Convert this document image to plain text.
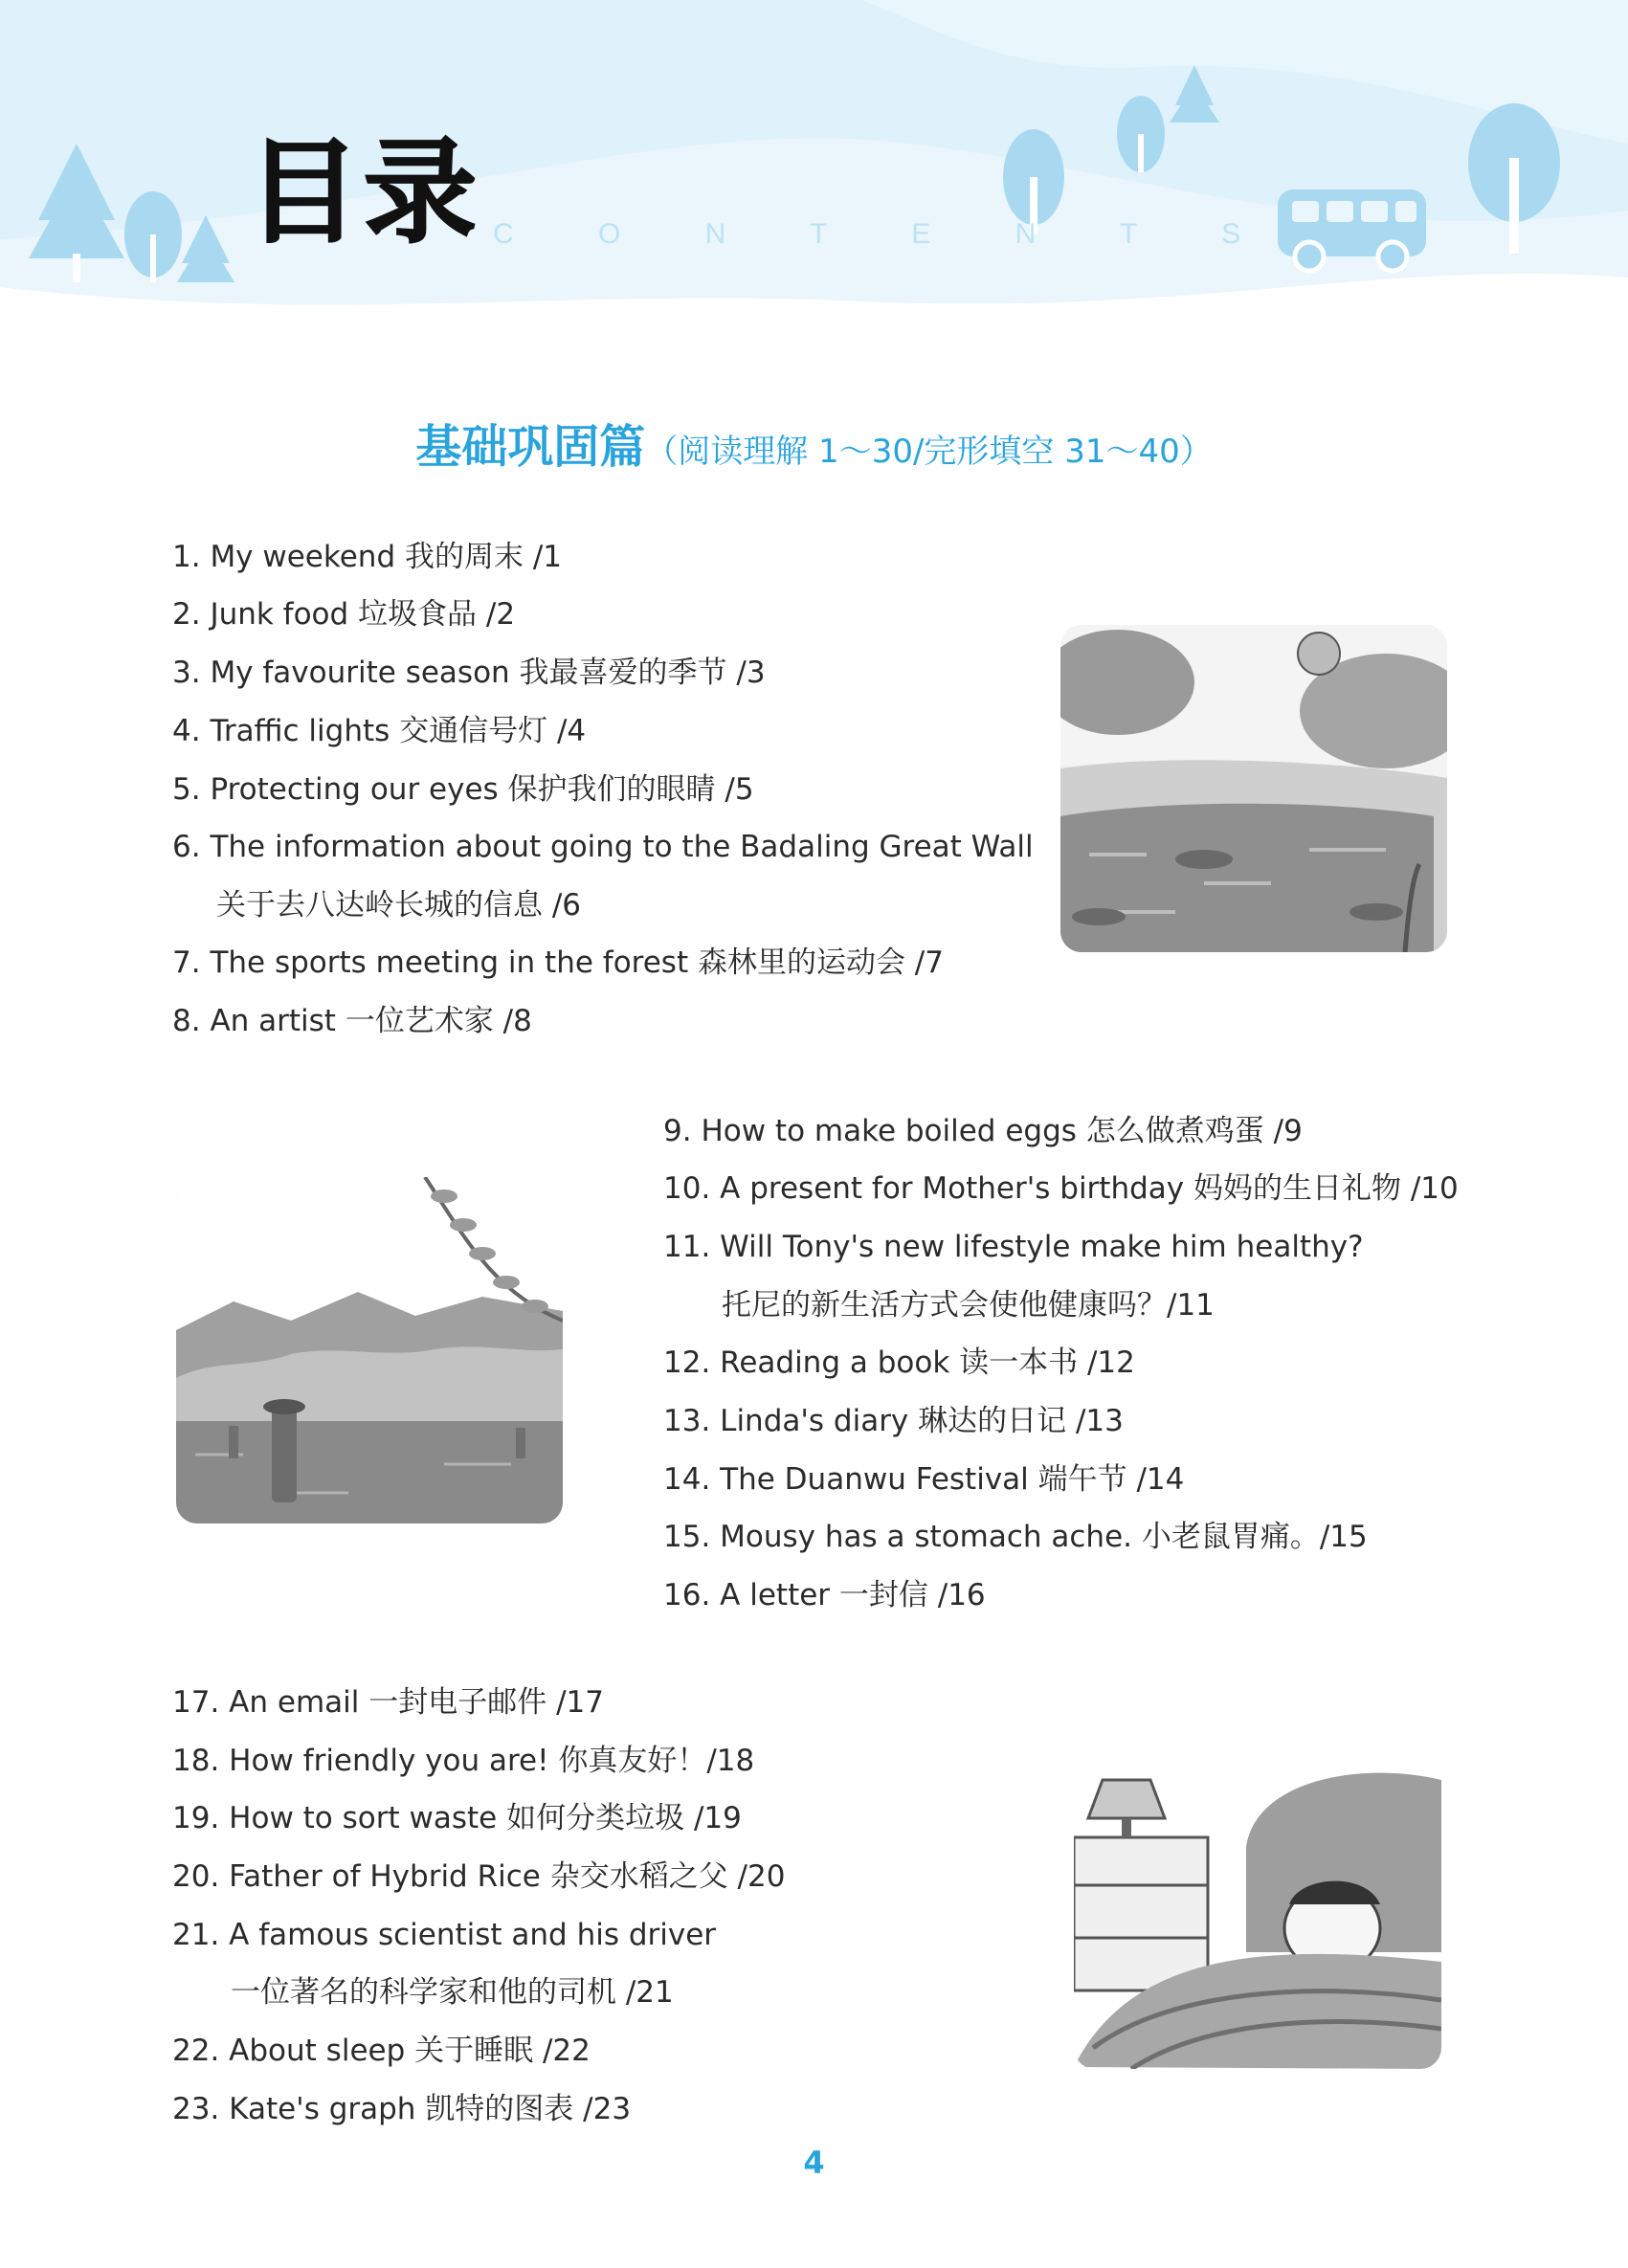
目录 C O N T E N T S
基础巩固篇（阅读理解 1～30/完形填空 31～40）
1. My weekend 我的周末 /1
2. Junk food 垃圾食品 /2
3. My favourite season 我最喜爱的季节 /3
4. Traffic lights 交通信号灯 /4
5. Protecting our eyes 保护我们的眼睛 /5
6. The information about going to the Badaling Great Wall
关于去八达岭长城的信息 /6
7. The sports meeting in the forest 森林里的运动会 /7
8. An artist 一位艺术家 /8
9. How to make boiled eggs 怎么做煮鸡蛋 /9
10. A present for Mother's birthday 妈妈的生日礼物 /10
11. Will Tony's new lifestyle make him healthy?
托尼的新生活方式会使他健康吗？/11
12. Reading a book 读一本书 /12
13. Linda's diary 琳达的日记 /13
14. The Duanwu Festival 端午节 /14
15. Mousy has a stomach ache. 小老鼠胃痛。/15
16. A letter 一封信 /16
17. An email 一封电子邮件 /17
18. How friendly you are! 你真友好！/18
19. How to sort waste 如何分类垃圾 /19
20. Father of Hybrid Rice 杂交水稻之父 /20
21. A famous scientist and his driver
一位著名的科学家和他的司机 /21
22. About sleep 关于睡眠 /22
23. Kate's graph 凯特的图表 /23
4
